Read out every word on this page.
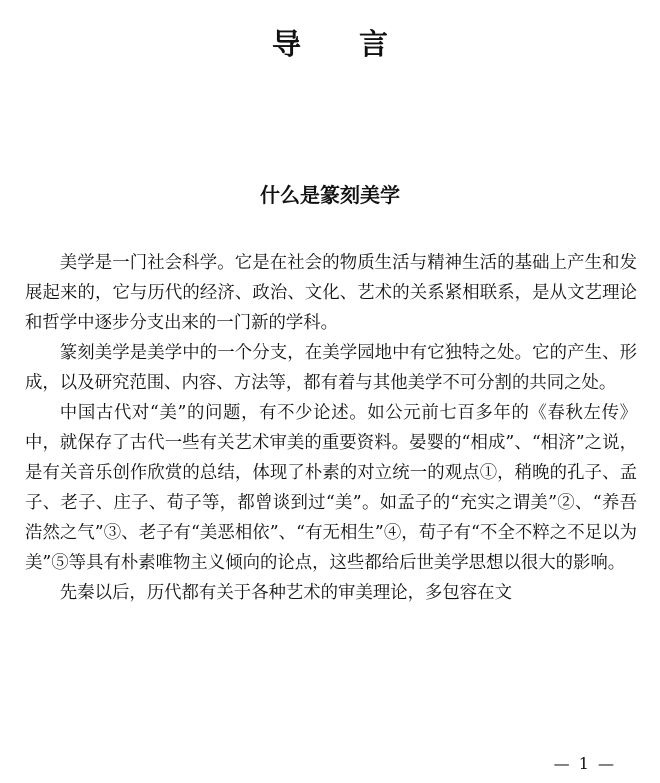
导言
什么是篆刻美学

美学是一门社会科学。它是在社会的物质生活与精神生活的基础上产生和发展起来的，它与历代的经济、政治、文化、艺术的关系紧相联系，是从文艺理论和哲学中逐步分支出来的一门新的学科。

篆刻美学是美学中的一个分支，在美学园地中有它独特之处。它的产生、形成，以及研究范围、内容、方法等，都有着与其他美学不可分割的共同之处。

中国古代对“美”的问题，有不少论述。如公元前七百多年的《春秋左传》中，就保存了古代一些有关艺术审美的重要资料。晏婴的“相成”、“相济”之说，是有关音乐创作欣赏的总结，体现了朴素的对立统一的观点①，稍晚的孔子、孟子、老子、庄子、荀子等，都曾谈到过“美”。如孟子的“充实之谓美”②、“养吾浩然之气”③、老子有“美恶相依”、“有无相生”④，荀子有“不全不粹之不足以为美”⑤等具有朴素唯物主义倾向的论点，这些都给后世美学思想以很大的影响。

先秦以后，历代都有关于各种艺术的审美理论，多包容在文

— 1 —
